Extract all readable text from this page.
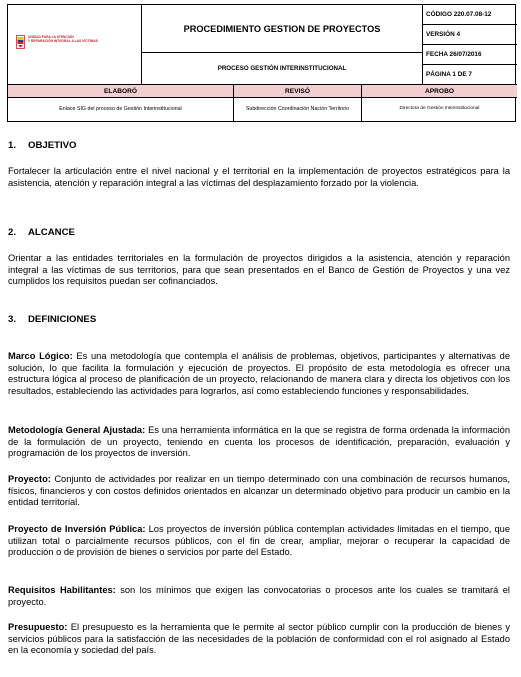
UNIDAD PARA LA ATENCIÓN
Y REPARACIÓN INTEGRAL A LAS VÍCTIMAS
PROCEDIMIENTO GESTION DE PROYECTOS
PROCESO GESTIÓN INTERINSTITUCIONAL
CÓDIGO 220.07.08-12
VERSIÓN 4
FECHA 26/07/2016
PÁGINA 1 DE 7
ELABORÓ	REVISÓ	APROBO
Enlace SIG del proceso de Gestión Interinstitucional	Subdirección Coordinación Nación Territorio	Directora de Gestión Interinstitucional
1. OBJETIVO
Fortalecer la articulación entre el nivel nacional y el territorial en la implementación de proyectos estratégicos para la asistencia, atención y reparación integral a las víctimas del desplazamiento forzado por la violencia.
2. ALCANCE
Orientar a las entidades territoriales en la formulación de proyectos dirigidos a la asistencia, atención y reparación integral a las víctimas de sus territorios, para que sean presentados en el Banco de Gestión de Proyectos y una vez cumplidos los requisitos puedan ser cofinanciados.
3. DEFINICIONES
Marco Lógico: Es una metodología que contempla el análisis de problemas, objetivos, participantes y alternativas de solución, lo que facilita la formulación y ejecución de proyectos. El propósito de esta metodología es ofrecer una estructura lógica al proceso de planificación de un proyecto, relacionando de manera clara y directa los objetivos con los resultados, estableciendo las actividades para lograrlos, así como estableciendo funciones y responsabilidades.
Metodología General Ajustada: Es una herramienta informática en la que se registra de forma ordenada la información de la formulación de un proyecto, teniendo en cuenta los procesos de identificación, preparación, evaluación y programación de los proyectos de inversión.
Proyecto: Conjunto de actividades por realizar en un tiempo determinado con una combinación de recursos humanos, físicos, financieros y con costos definidos orientados en alcanzar un determinado objetivo para producir un cambio en la entidad territorial.
Proyecto de Inversión Pública: Los proyectos de inversión pública contemplan actividades limitadas en el tiempo, que utilizan total o parcialmente recursos públicos, con el fin de crear, ampliar, mejorar o recuperar la capacidad de producción o de provisión de bienes o servicios por parte del Estado.
Requisitos Habilitantes: son los mínimos que exigen las convocatorias o procesos ante los cuales se tramitará el proyecto.
Presupuesto: El presupuesto es la herramienta que le permite al sector público cumplir con la producción de bienes y servicios públicos para la satisfacción de las necesidades de la población de conformidad con el rol asignado al Estado en la economía y sociedad del país.
